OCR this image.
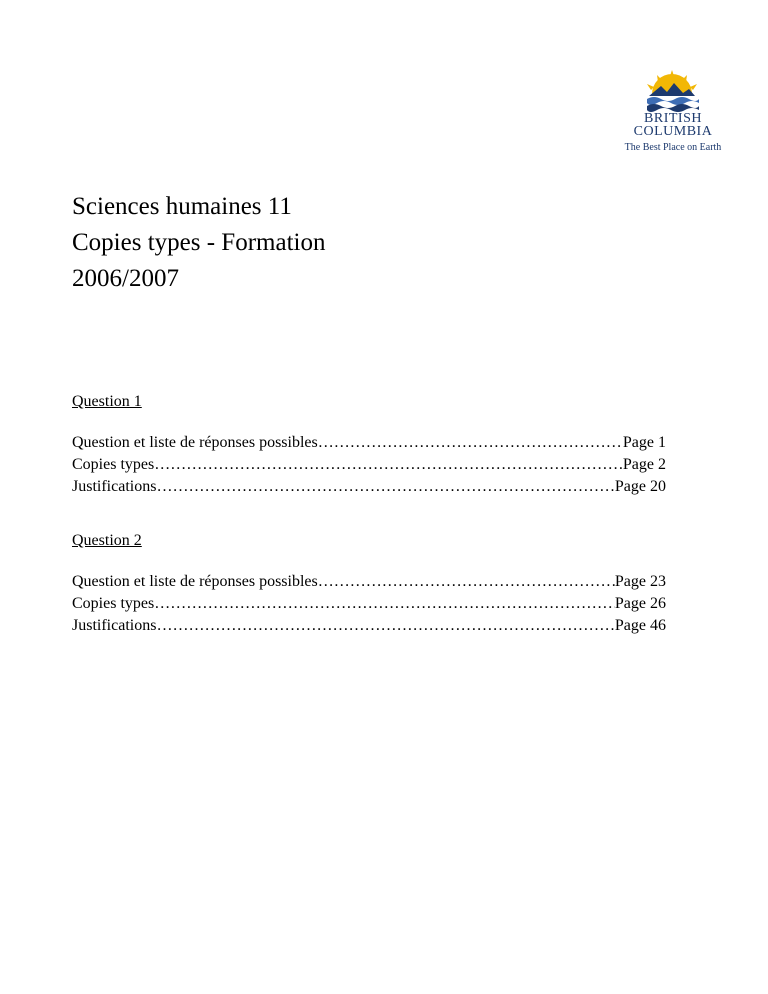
BRITISH
COLUMBIA
The Best Place on Earth
Sciences humaines 11
Copies types - Formation
2006/2007
Question 1
Question et liste de réponses possibles ……………………………………………………………………………………………………………………………………………	Page 1
Copies types ……………………………………………………………………………………………………………………………………………	Page 2
Justifications ……………………………………………………………………………………………………………………………………………	Page 20
Question 2
Question et liste de réponses possibles ……………………………………………………………………………………………………………………………………………	Page 23
Copies types ……………………………………………………………………………………………………………………………………………	Page 26
Justifications ……………………………………………………………………………………………………………………………………………	Page 46
